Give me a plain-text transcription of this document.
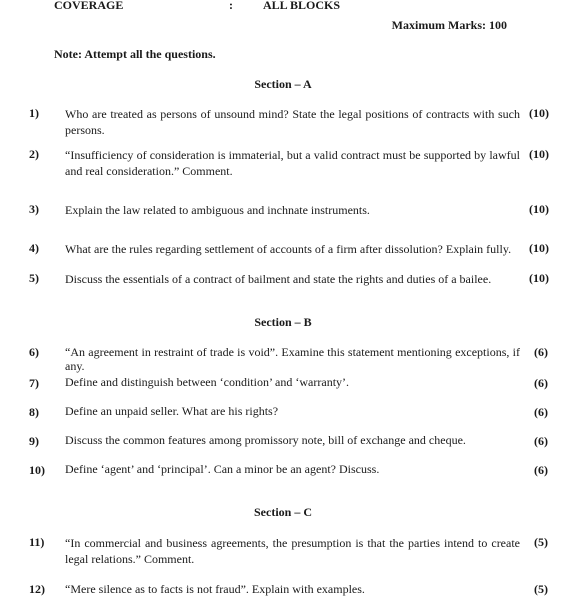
COVERAGE	:	ALL BLOCKS
Maximum Marks: 100
Note: Attempt all the questions.
Section – A
1) Who are treated as persons of unsound mind? State the legal positions of contracts with such persons.
(10)
2) “Insufficiency of consideration is immaterial, but a valid contract must be supported by lawful and real consideration.” Comment.
(10)
3) Explain the law related to ambiguous and inchnate instruments.	(10)
4) What are the rules regarding settlement of accounts of a firm after dissolution? Explain fully.	(10)
5) Discuss the essentials of a contract of bailment and state the rights and duties of a bailee.	(10)
Section – B
6) “An agreement in restraint of trade is void”. Examine this statement mentioning exceptions, if any.
(6)
7) Define and distinguish between ‘condition’ and ‘warranty’.	(6)
8) Define an unpaid seller. What are his rights?	(6)
9) Discuss the common features among promissory note, bill of exchange and cheque.	(6)
10) Define ‘agent’ and ‘principal’. Can a minor be an agent? Discuss.	(6)
Section – C
11) “In commercial and business agreements, the presumption is that the parties intend to create legal relations.” Comment.
(5)
12) “Mere silence as to facts is not fraud”. Explain with examples.	(5)
